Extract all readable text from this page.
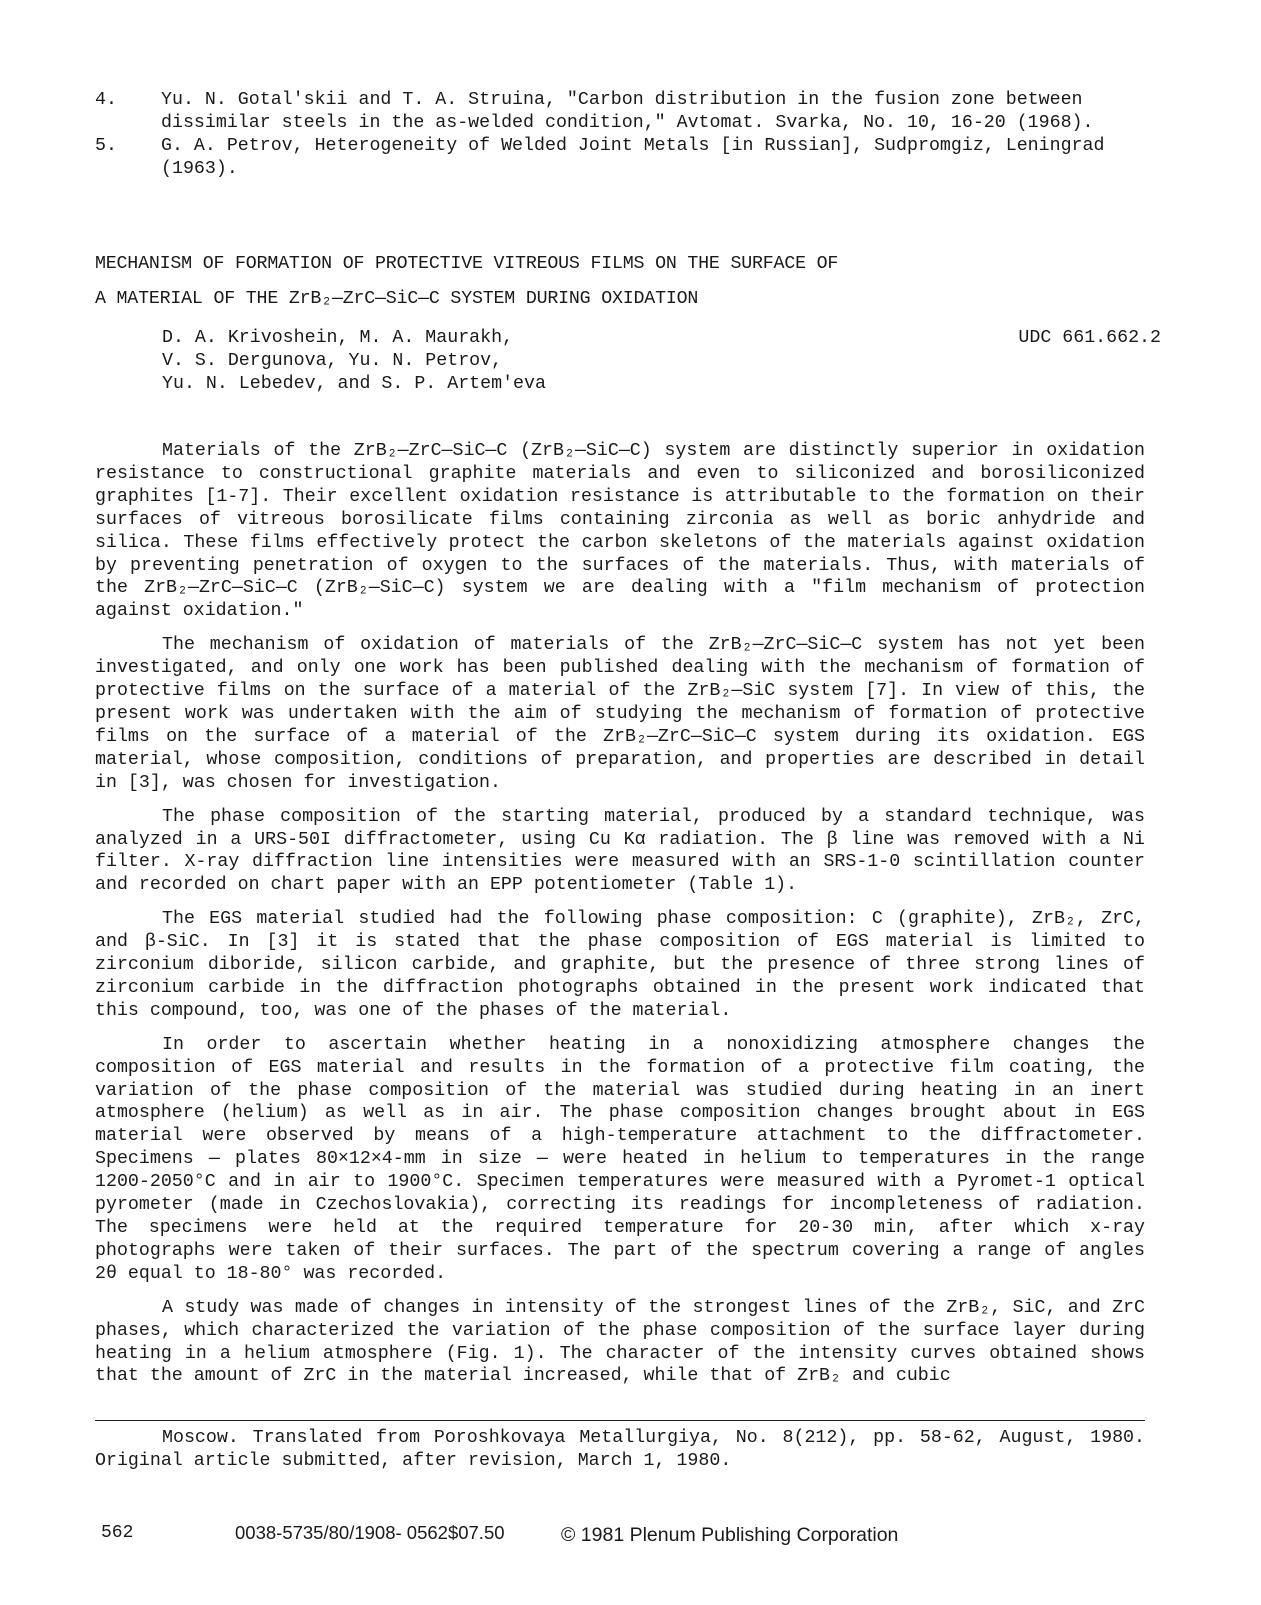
4.	Yu. N. Gotal'skii and T. A. Struina, "Carbon distribution in the fusion zone between dissimilar steels in the as-welded condition," Avtomat. Svarka, No. 10, 16-20 (1968).
5.	G. A. Petrov, Heterogeneity of Welded Joint Metals [in Russian], Sudpromgiz, Leningrad (1963).
MECHANISM OF FORMATION OF PROTECTIVE VITREOUS FILMS ON THE SURFACE OF
A MATERIAL OF THE ZrB₂—ZrC—SiC—C SYSTEM DURING OXIDATION
D. A. Krivoshein, M. A. Maurakh,
V. S. Dergunova, Yu. N. Petrov,
Yu. N. Lebedev, and S. P. Artem'eva
UDC 661.662.2

Materials of the ZrB₂—ZrC—SiC—C (ZrB₂—SiC—C) system are distinctly superior in oxidation resistance to constructional graphite materials and even to siliconized and borosiliconized graphites [1-7]. Their excellent oxidation resistance is attributable to the formation on their surfaces of vitreous borosilicate films containing zirconia as well as boric anhydride and silica. These films effectively protect the carbon skeletons of the materials against oxidation by preventing penetration of oxygen to the surfaces of the materials. Thus, with materials of the ZrB₂—ZrC—SiC—C (ZrB₂—SiC—C) system we are dealing with a "film mechanism of protection against oxidation."

The mechanism of oxidation of materials of the ZrB₂—ZrC—SiC—C system has not yet been investigated, and only one work has been published dealing with the mechanism of formation of protective films on the surface of a material of the ZrB₂—SiC system [7]. In view of this, the present work was undertaken with the aim of studying the mechanism of formation of protective films on the surface of a material of the ZrB₂—ZrC—SiC—C system during its oxidation. EGS material, whose composition, conditions of preparation, and properties are described in detail in [3], was chosen for investigation.

The phase composition of the starting material, produced by a standard technique, was analyzed in a URS-50I diffractometer, using Cu Kα radiation. The β line was removed with a Ni filter. X-ray diffraction line intensities were measured with an SRS-1-0 scintillation counter and recorded on chart paper with an EPP potentiometer (Table 1).

The EGS material studied had the following phase composition: C (graphite), ZrB₂, ZrC, and β-SiC. In [3] it is stated that the phase composition of EGS material is limited to zirconium diboride, silicon carbide, and graphite, but the presence of three strong lines of zirconium carbide in the diffraction photographs obtained in the present work indicated that this compound, too, was one of the phases of the material.

In order to ascertain whether heating in a nonoxidizing atmosphere changes the composition of EGS material and results in the formation of a protective film coating, the variation of the phase composition of the material was studied during heating in an inert atmosphere (helium) as well as in air. The phase composition changes brought about in EGS material were observed by means of a high-temperature attachment to the diffractometer. Specimens — plates 80×12×4-mm in size — were heated in helium to temperatures in the range 1200-2050°C and in air to 1900°C. Specimen temperatures were measured with a Pyromet-1 optical pyrometer (made in Czechoslovakia), correcting its readings for incompleteness of radiation. The specimens were held at the required temperature for 20-30 min, after which x-ray photographs were taken of their surfaces. The part of the spectrum covering a range of angles 2θ equal to 18-80° was recorded.

A study was made of changes in intensity of the strongest lines of the ZrB₂, SiC, and ZrC phases, which characterized the variation of the phase composition of the surface layer during heating in a helium atmosphere (Fig. 1). The character of the intensity curves obtained shows that the amount of ZrC in the material increased, while that of ZrB₂ and cubic

Moscow. Translated from Poroshkovaya Metallurgiya, No. 8(212), pp. 58-62, August, 1980. Original article submitted, after revision, March 1, 1980.

562	0038-5735/80/1908- 0562$07.50	© 1981 Plenum Publishing Corporation
